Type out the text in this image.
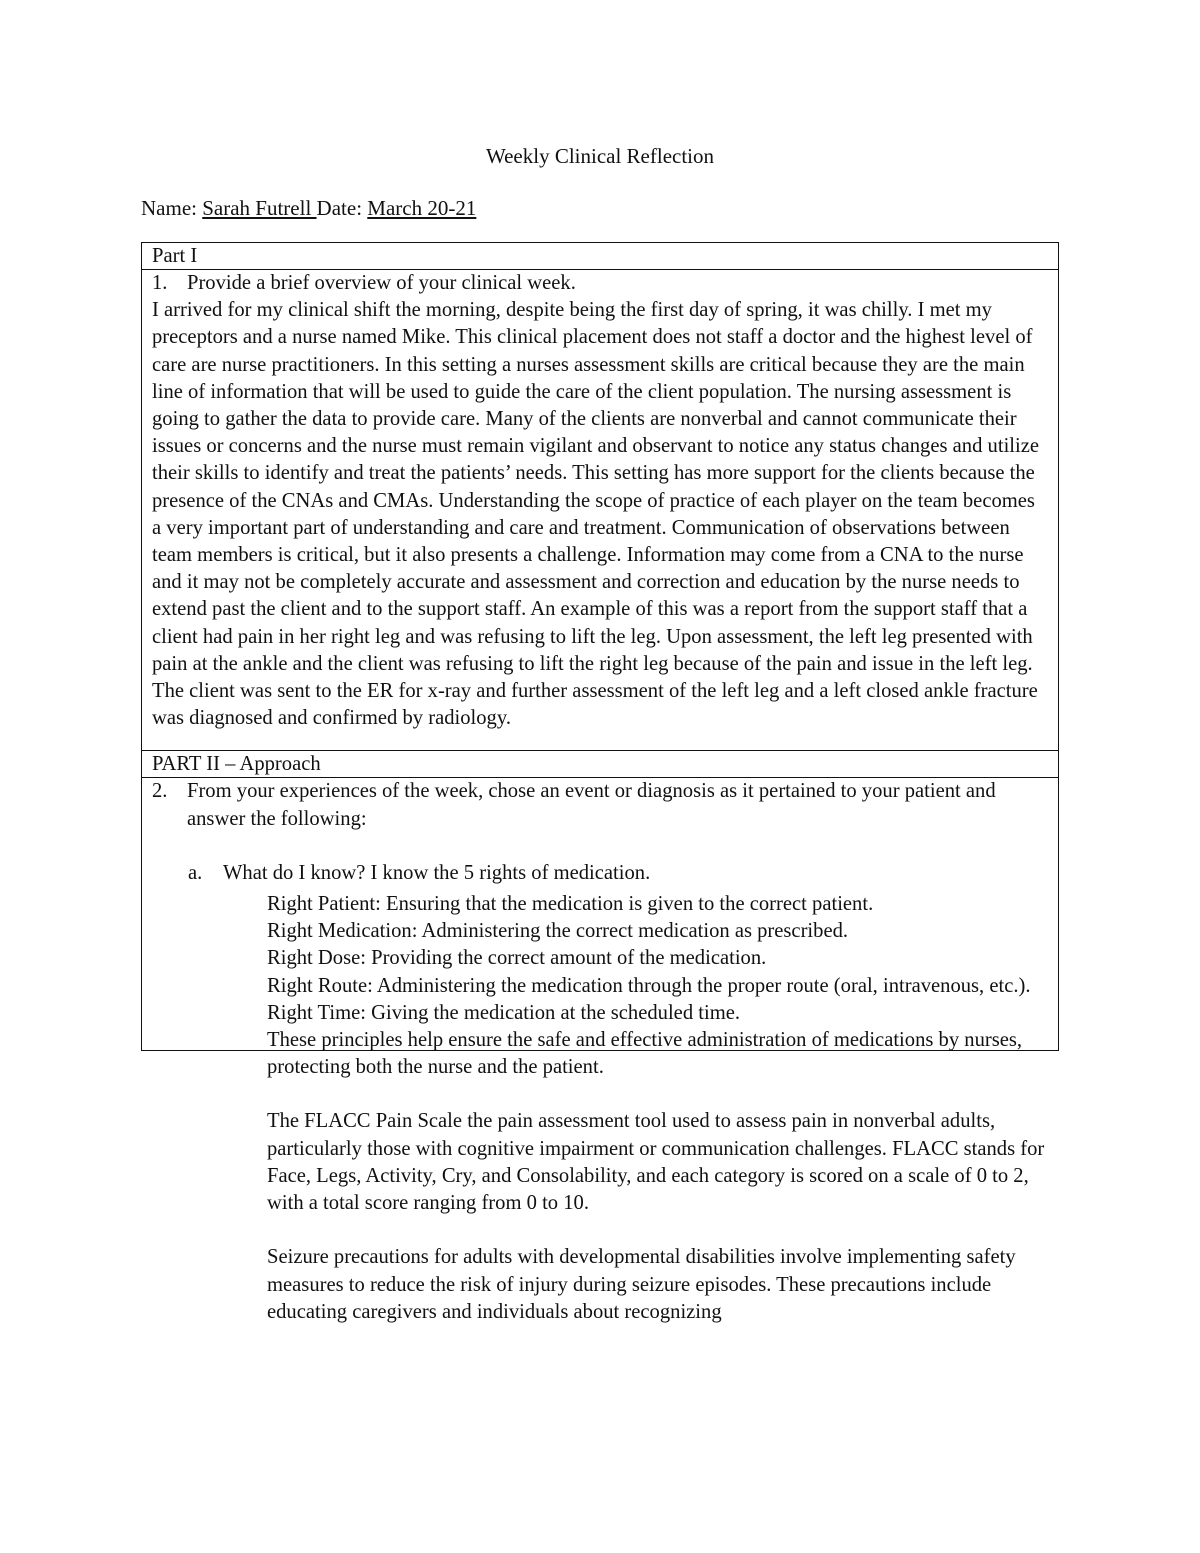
Weekly Clinical Reflection
Name: Sarah Futrell Date: March 20-21
Part I

1. Provide a brief overview of your clinical week.

I arrived for my clinical shift the morning, despite being the first day of spring, it was chilly. I met my preceptors and a nurse named Mike. This clinical placement does not staff a doctor and the highest level of care are nurse practitioners. In this setting a nurses assessment skills are critical because they are the main line of information that will be used to guide the care of the client population. The nursing assessment is going to gather the data to provide care. Many of the clients are nonverbal and cannot communicate their issues or concerns and the nurse must remain vigilant and observant to notice any status changes and utilize their skills to identify and treat the patients’ needs. This setting has more support for the clients because the presence of the CNAs and CMAs. Understanding the scope of practice of each player on the team becomes a very important part of understanding and care and treatment. Communication of observations between team members is critical, but it also presents a challenge. Information may come from a CNA to the nurse and it may not be completely accurate and assessment and correction and education by the nurse needs to extend past the client and to the support staff. An example of this was a report from the support staff that a client had pain in her right leg and was refusing to lift the leg. Upon assessment, the left leg presented with pain at the ankle and the client was refusing to lift the right leg because of the pain and issue in the left leg. The client was sent to the ER for x-ray and further assessment of the left leg and a left closed ankle fracture was diagnosed and confirmed by radiology.

PART II – Approach

2. From your experiences of the week, chose an event or diagnosis as it pertained to your patient and answer the following:
a.	What do I know? I know the 5 rights of medication.

Right Patient: Ensuring that the medication is given to the correct patient.

Right Medication: Administering the correct medication as prescribed.

Right Dose: Providing the correct amount of the medication.

Right Route: Administering the medication through the proper route (oral, intravenous, etc.).

Right Time: Giving the medication at the scheduled time.

These principles help ensure the safe and effective administration of medications by nurses, protecting both the nurse and the patient.

The FLACC Pain Scale the pain assessment tool used to assess pain in nonverbal adults, particularly those with cognitive impairment or communication challenges. FLACC stands for Face, Legs, Activity, Cry, and Consolability, and each category is scored on a scale of 0 to 2, with a total score ranging from 0 to 10.

Seizure precautions for adults with developmental disabilities involve implementing safety measures to reduce the risk of injury during seizure episodes. These precautions include educating caregivers and individuals about recognizing
